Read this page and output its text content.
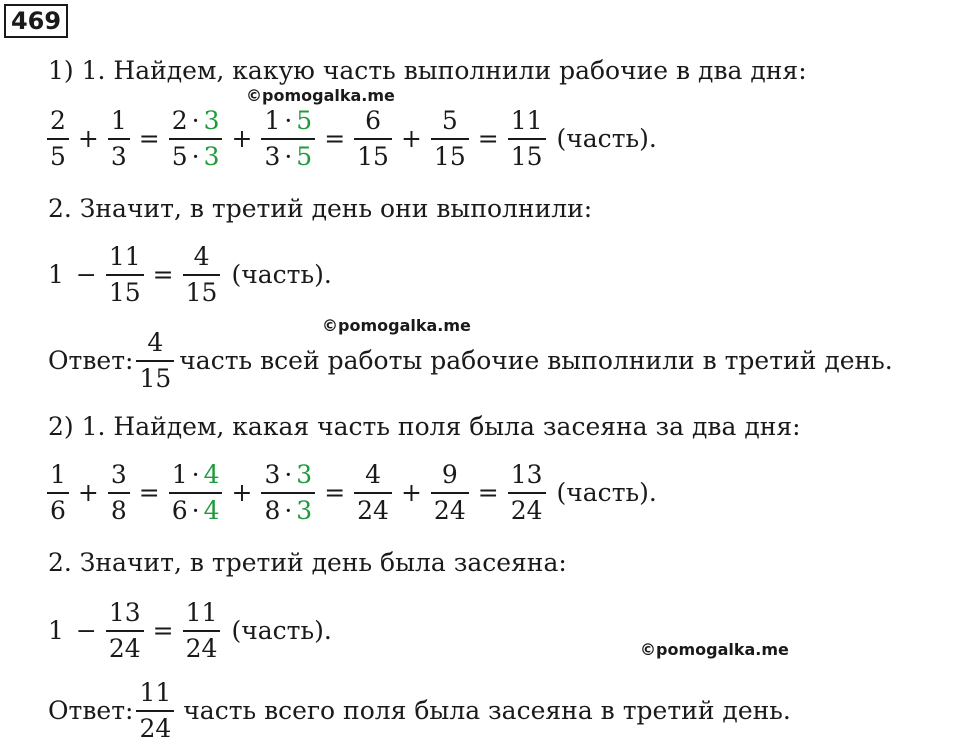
469
1) 1. Найдем, какую часть выполнили рабочие в два дня:
©pomogalka.me
$\frac{2}{5} + \frac{1}{3} = \frac{2 \cdot 3}{5 \cdot 3} + \frac{1 \cdot 5}{3 \cdot 5} = \frac{6}{15} + \frac{5}{15} = \frac{11}{15}$ (часть).
2. Значит, в третий день они выполнили:
$1 - \frac{11}{15} = \frac{4}{15}$ (часть).
©pomogalka.me
Ответ: $\frac{4}{15}$ часть всей работы рабочие выполнили в третий день.
2) 1. Найдем, какая часть поля была засеяна за два дня:
$\frac{1}{6} + \frac{3}{8} = \frac{1 \cdot 4}{6 \cdot 4} + \frac{3 \cdot 3}{8 \cdot 3} = \frac{4}{24} + \frac{9}{24} = \frac{13}{24}$ (часть).
2. Значит, в третий день была засеяна:
$1 - \frac{13}{24} = \frac{11}{24}$ (часть).
©pomogalka.me
Ответ: $\frac{11}{24}$ часть всего поля была засеяна в третий день.
